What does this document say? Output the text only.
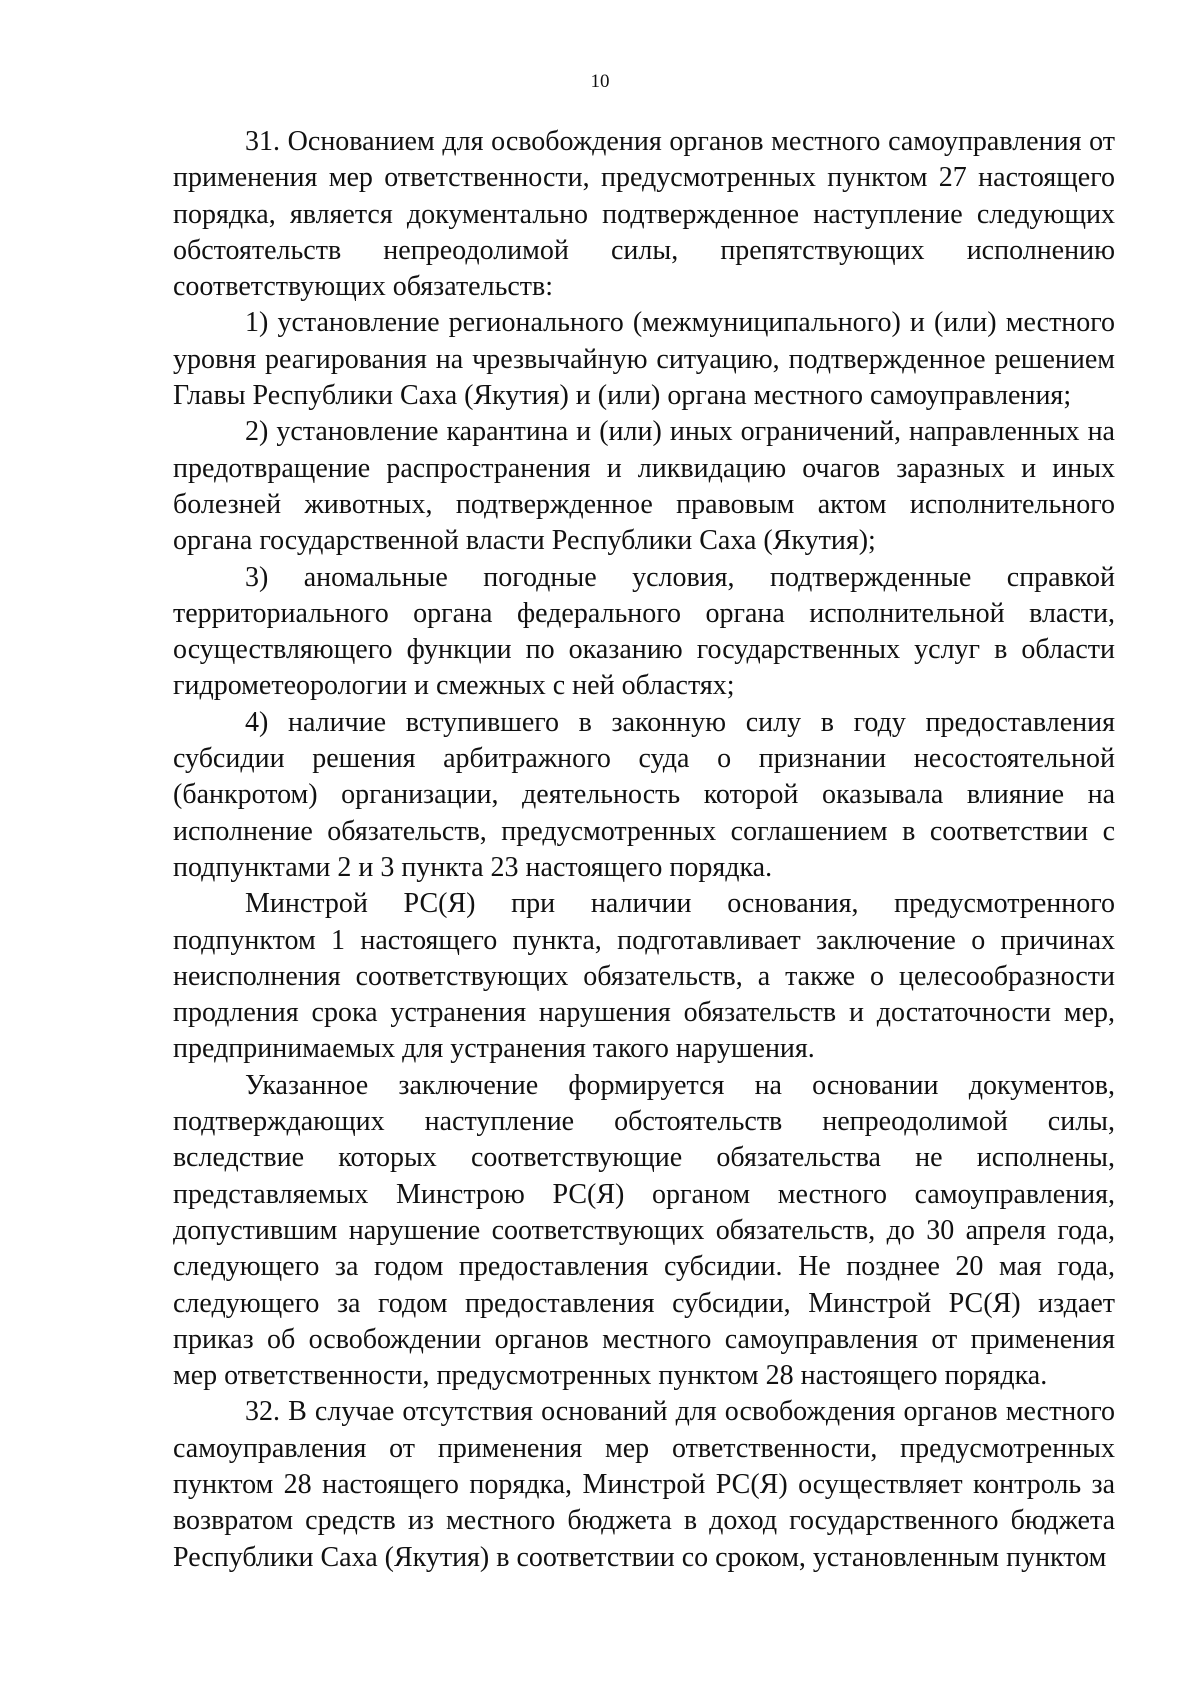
10

31. Основанием для освобождения органов местного самоуправления от применения мер ответственности, предусмотренных пунктом 27 настоящего порядка, является документально подтвержденное наступление следующих обстоятельств непреодолимой силы, препятствующих исполнению соответствующих обязательств:

1) установление регионального (межмуниципального) и (или) местного уровня реагирования на чрезвычайную ситуацию, подтвержденное решением Главы Республики Саха (Якутия) и (или) органа местного самоуправления;

2) установление карантина и (или) иных ограничений, направленных на предотвращение распространения и ликвидацию очагов заразных и иных болезней животных, подтвержденное правовым актом исполнительного органа государственной власти Республики Саха (Якутия);

3) аномальные погодные условия, подтвержденные справкой территориального органа федерального органа исполнительной власти, осуществляющего функции по оказанию государственных услуг в области гидрометеорологии и смежных с ней областях;

4) наличие вступившего в законную силу в году предоставления субсидии решения арбитражного суда о признании несостоятельной (банкротом) организации, деятельность которой оказывала влияние на исполнение обязательств, предусмотренных соглашением в соответствии с подпунктами 2 и 3 пункта 23 настоящего порядка.

Минстрой РС(Я) при наличии основания, предусмотренного подпунктом 1 настоящего пункта, подготавливает заключение о причинах неисполнения соответствующих обязательств, а также о целесообразности продления срока устранения нарушения обязательств и достаточности мер, предпринимаемых для устранения такого нарушения.

Указанное заключение формируется на основании документов, подтверждающих наступление обстоятельств непреодолимой силы, вследствие которых соответствующие обязательства не исполнены, представляемых Минстрою РС(Я) органом местного самоуправления, допустившим нарушение соответствующих обязательств, до 30 апреля года, следующего за годом предоставления субсидии. Не позднее 20 мая года, следующего за годом предоставления субсидии, Минстрой РС(Я) издает приказ об освобождении органов местного самоуправления от применения мер ответственности, предусмотренных пунктом 28 настоящего порядка.

32. В случае отсутствия оснований для освобождения органов местного самоуправления от применения мер ответственности, предусмотренных пунктом 28 настоящего порядка, Минстрой РС(Я) осуществляет контроль за возвратом средств из местного бюджета в доход государственного бюджета Республики Саха (Якутия) в соответствии со сроком, установленным пунктом
